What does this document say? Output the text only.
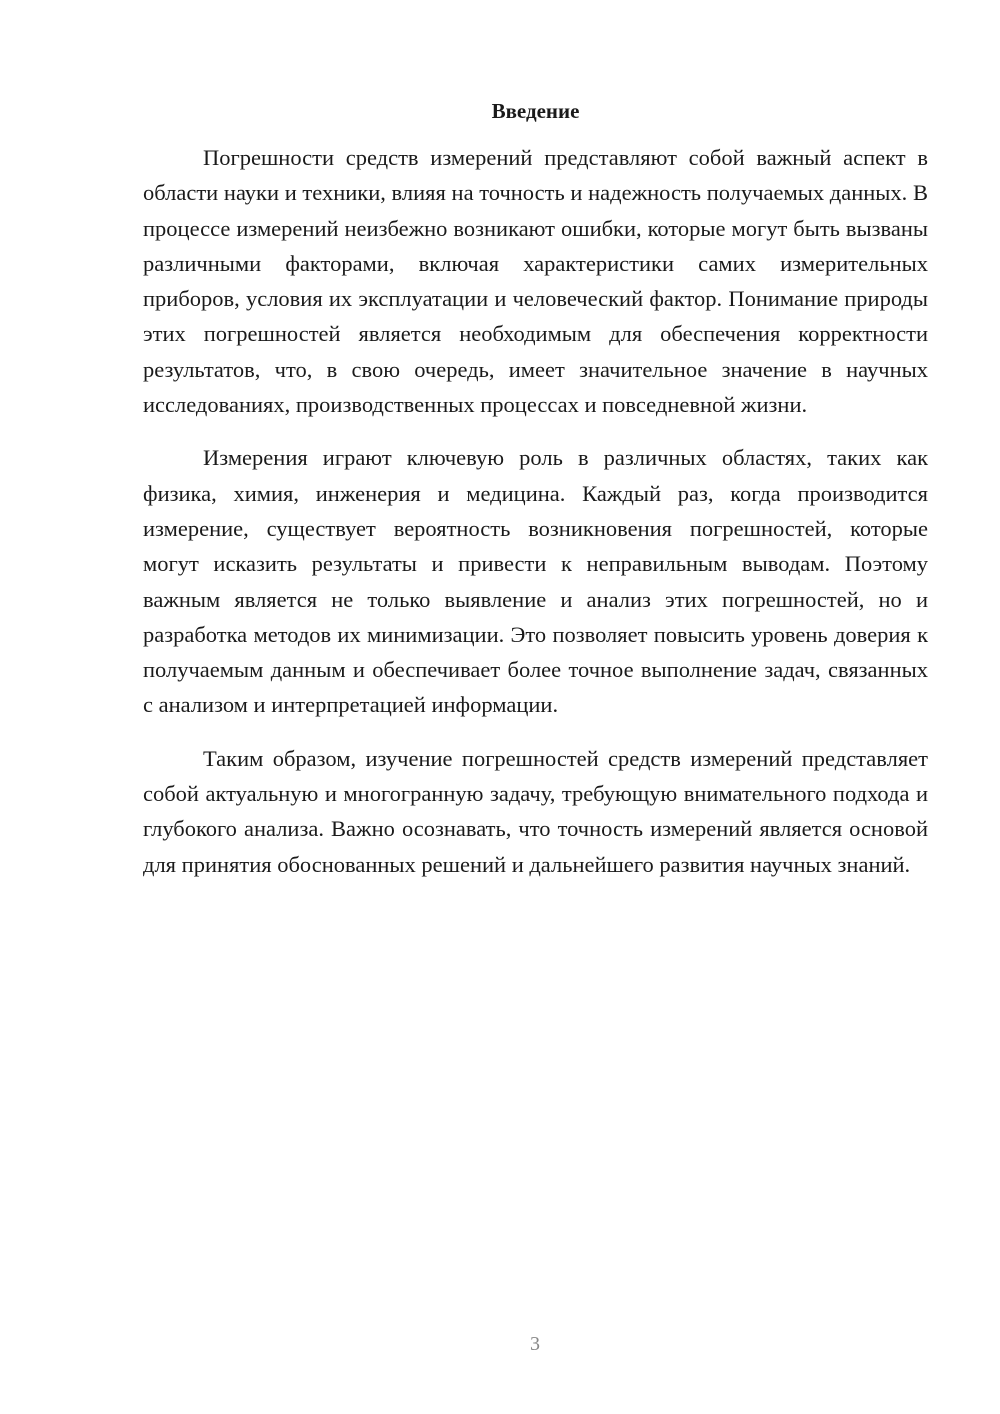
Введение

Погрешности средств измерений представляют собой важный аспект в области науки и техники, влияя на точность и надежность получаемых данных. В процессе измерений неизбежно возникают ошибки, которые могут быть вызваны различными факторами, включая характеристики самих измерительных приборов, условия их эксплуатации и человеческий фактор. Понимание природы этих погрешностей является необходимым для обеспечения корректности результатов, что, в свою очередь, имеет значительное значение в научных исследованиях, производственных процессах и повседневной жизни.

Измерения играют ключевую роль в различных областях, таких как физика, химия, инженерия и медицина. Каждый раз, когда производится измерение, существует вероятность возникновения погрешностей, которые могут исказить результаты и привести к неправильным выводам. Поэтому важным является не только выявление и анализ этих погрешностей, но и разработка методов их минимизации. Это позволяет повысить уровень доверия к получаемым данным и обеспечивает более точное выполнение задач, связанных с анализом и интерпретацией информации.

Таким образом, изучение погрешностей средств измерений представляет собой актуальную и многогранную задачу, требующую внимательного подхода и глубокого анализа. Важно осознавать, что точность измерений является основой для принятия обоснованных решений и дальнейшего развития научных знаний.

3
